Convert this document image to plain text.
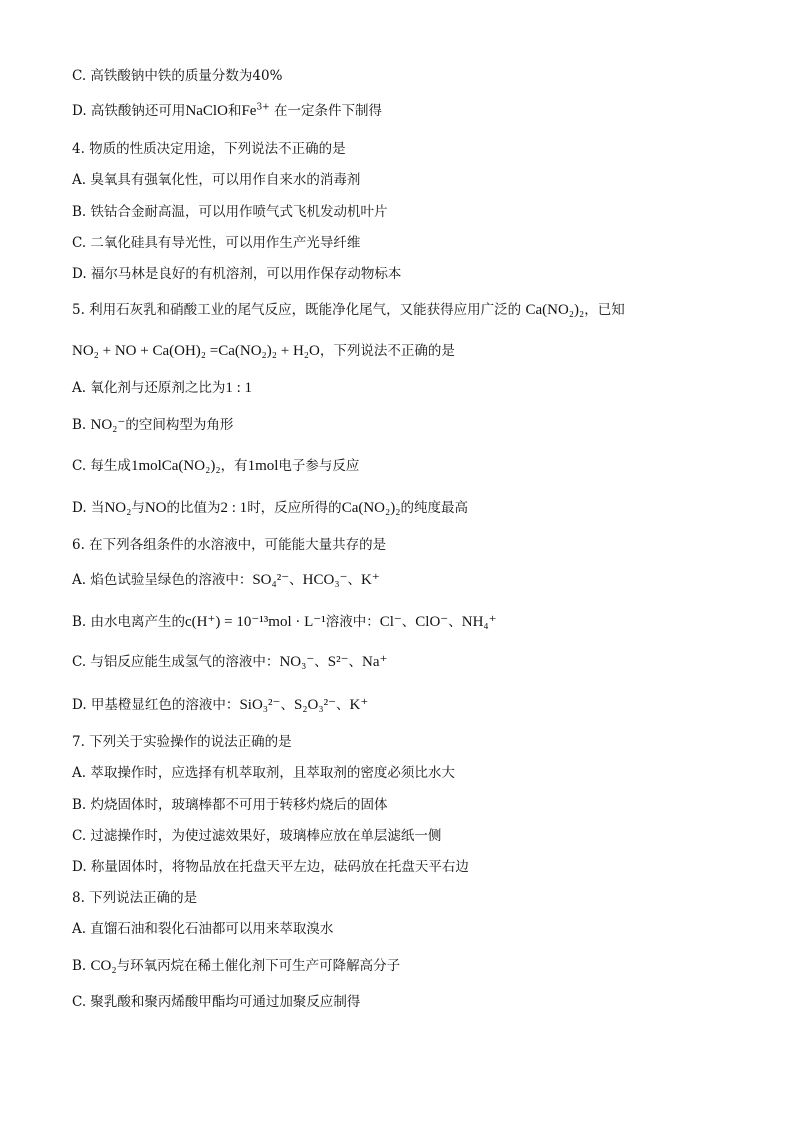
C. 高铁酸钠中铁的质量分数为40%
D. 高铁酸钠还可用NaClO和$Fe^{3+}$ 在一定条件下制得
4. 物质的性质决定用途，下列说法不正确的是
A. 臭氧具有强氧化性，可以用作自来水的消毒剂
B. 铁钴合金耐高温，可以用作喷气式飞机发动机叶片
C. 二氧化硅具有导光性，可以用作生产光导纤维
D. 福尔马林是良好的有机溶剂，可以用作保存动物标本
5. 利用石灰乳和硝酸工业的尾气反应，既能净化尾气，又能获得应用广泛的 Ca(NO₂)₂，已知
NO₂ + NO + Ca(OH)₂ =Ca(NO₂)₂ + H₂O，下列说法不正确的是
A. 氧化剂与还原剂之比为1 : 1
B. NO₂⁻的空间构型为角形
C. 每生成1molCa(NO₂)₂，有1mol电子参与反应
D. 当NO₂与NO的比值为2 : 1时，反应所得的Ca(NO₂)₂的纯度最高
6. 在下列各组条件的水溶液中，可能能大量共存的是
A. 焰色试验呈绿色的溶液中：SO₄²⁻、HCO₃⁻、K⁺
B. 由水电离产生的c(H⁺) = 10⁻¹³mol · L⁻¹溶液中：Cl⁻、ClO⁻、NH₄⁺
C. 与铝反应能生成氢气的溶液中：NO₃⁻、S²⁻、Na⁺
D. 甲基橙显红色的溶液中：SiO₃²⁻、S₂O₃²⁻、K⁺
7. 下列关于实验操作的说法正确的是
A. 萃取操作时，应选择有机萃取剂，且萃取剂的密度必须比水大
B. 灼烧固体时，玻璃棒都不可用于转移灼烧后的固体
C. 过滤操作时，为使过滤效果好，玻璃棒应放在单层滤纸一侧
D. 称量固体时，将物品放在托盘天平左边，砝码放在托盘天平右边
8. 下列说法正确的是
A. 直馏石油和裂化石油都可以用来萃取溴水
B. CO₂与环氧丙烷在稀土催化剂下可生产可降解高分子
C. 聚乳酸和聚丙烯酸甲酯均可通过加聚反应制得
